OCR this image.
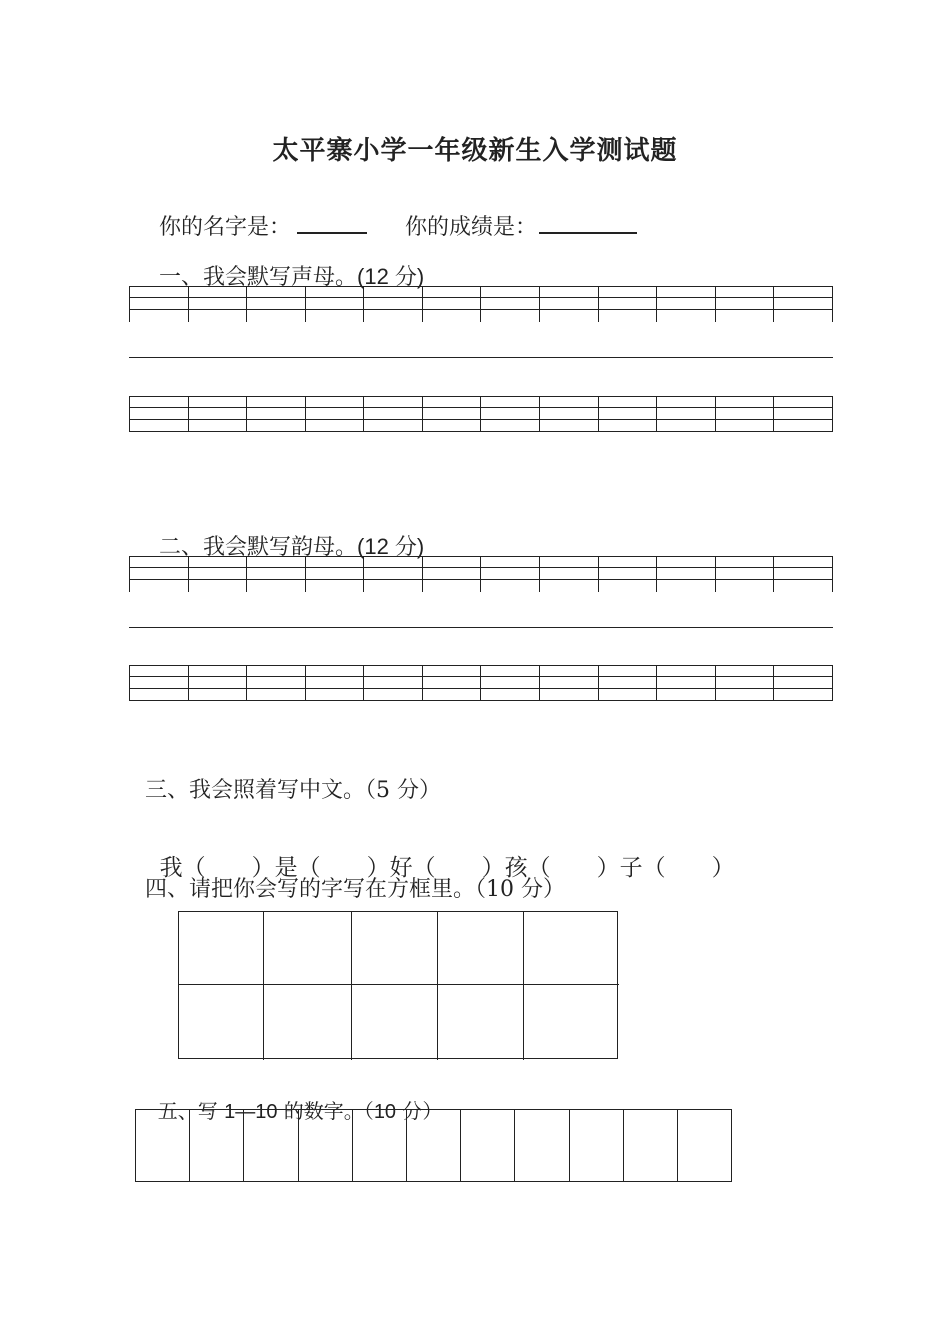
太平寨小学一年级新生入学测试题

你的名字是：	你的成绩是：

一、我会默写声母。(12 分)

二、我会默写韵母。(12 分)

三、我会照着写中文。（5 分）

我（　　）是（　　）好（　　）孩（　　）子（　　）

四、请把你会写的字写在方框里。（10 分）

五、写 1—10 的数字。（10 分）
